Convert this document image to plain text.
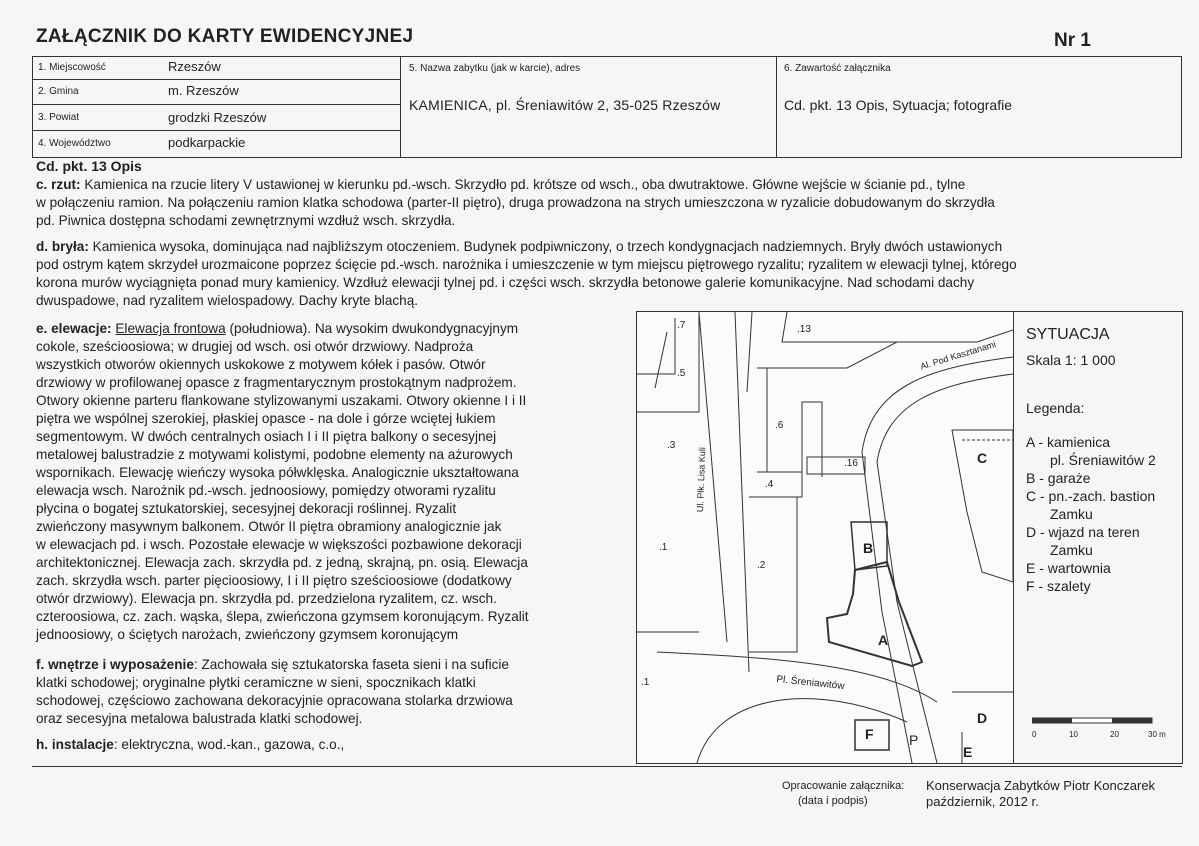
ZAŁĄCZNIK DO KARTY EWIDENCYJNEJ	Nr 1
1. Miejscowość	Rzeszów
2. Gmina	m. Rzeszów
3. Powiat	grodzki Rzeszów
4. Województwo	podkarpackie
5. Nazwa zabytku (jak w karcie), adres
KAMIENICA, pl. Śreniawitów 2, 35-025 Rzeszów
6. Zawartość załącznika
Cd. pkt. 13 Opis, Sytuacja; fotografie
Cd. pkt. 13 Opis
c. rzut: Kamienica na rzucie litery V ustawionej w kierunku pd.-wsch. Skrzydło pd. krótsze od wsch., oba dwutraktowe. Główne wejście w ścianie pd., tylne
w połączeniu ramion. Na połączeniu ramion klatka schodowa (parter-II piętro), druga prowadzona na strych umieszczona w ryzalicie dobudowanym do skrzydła
pd. Piwnica dostępna schodami zewnętrznymi wzdłuż wsch. skrzydła.
d. bryła: Kamienica wysoka, dominująca nad najbliższym otoczeniem. Budynek podpiwniczony, o trzech kondygnacjach nadziemnych. Bryły dwóch ustawionych
pod ostrym kątem skrzydeł urozmaicone poprzez ścięcie pd.-wsch. narożnika i umieszczenie w tym miejscu piętrowego ryzalitu; ryzalitem w elewacji tylnej, którego
korona murów wyciągnięta ponad mury kamienicy. Wzdłuż elewacji tylnej pd. i części wsch. skrzydła betonowe galerie komunikacyjne. Nad schodami dachy
dwuspadowe, nad ryzalitem wielospadowy. Dachy kryte blachą.
e. elewacje: Elewacja frontowa (południowa). Na wysokim dwukondygnacyjnym
cokole, sześcioosiowa; w drugiej od wsch. osi otwór drzwiowy. Nadproża
wszystkich otworów okiennych uskokowe z motywem kółek i pasów. Otwór
drzwiowy w profilowanej opasce z fragmentarycznym prostokątnym nadprożem.
Otwory okienne parteru flankowane stylizowanymi uszakami. Otwory okienne I i II
piętra we wspólnej szerokiej, płaskiej opasce - na dole i górze wciętej łukiem
segmentowym. W dwóch centralnych osiach I i II piętra balkony o secesyjnej
metalowej balustradzie z motywami kolistymi, podobne elementy na ażurowych
wspornikach. Elewację wieńczy wysoka półwklęska. Analogicznie ukształtowana
elewacja wsch. Narożnik pd.-wsch. jednoosiowy, pomiędzy otworami ryzalitu
płycina o bogatej sztukatorskiej, secesyjnej dekoracji roślinnej. Ryzalit
zwieńczony masywnym balkonem. Otwór II piętra obramiony analogicznie jak
w elewacjach pd. i wsch. Pozostałe elewacje w większości pozbawione dekoracji
architektonicznej. Elewacja zach. skrzydła pd. z jedną, skrajną, pn. osią. Elewacja
zach. skrzydła wsch. parter pięcioosiowy, I i II piętro sześcioosiowe (dodatkowy
otwór drzwiowy). Elewacja pn. skrzydła pd. przedzielona ryzalitem, cz. wsch.
czteroosiowa, cz. zach. wąska, ślepa, zwieńczona gzymsem koronującym. Ryzalit
jednoosiowy, o ściętych narożach, zwieńczony gzymsem koronującym
f. wnętrze i wyposażenie: Zachowała się sztukatorska faseta sieni i na suficie
klatki schodowej; oryginalne płytki ceramiczne w sieni, spocznikach klatki
schodowej, częściowo zachowana dekoracyjnie opracowana stolarka drzwiowa
oraz secesyjna metalowa balustrada klatki schodowej.
h. instalacje: elektryczna, wod.-kan., gazowa, c.o.,
.7
.5
.3
.1
.13
.6
.16
.4
.2
.1
Ul. Płk. Lisa Kuli
Al. Pod Kasztanami
Pl. Śreniawitów
A
B
C
D
E
F	P
SYTUACJA
Skala 1: 1 000
Legenda:
A - kamienica
pl. Śreniawitów 2
B - garaże
C - pn.-zach. bastion
Zamku
D - wjazd na teren
Zamku
E - wartownia
F - szalety
0	10	20	30 m
Opracowanie załącznika:
(data i podpis)
Konserwacja Zabytków Piotr Konczarek
październik, 2012 r.
